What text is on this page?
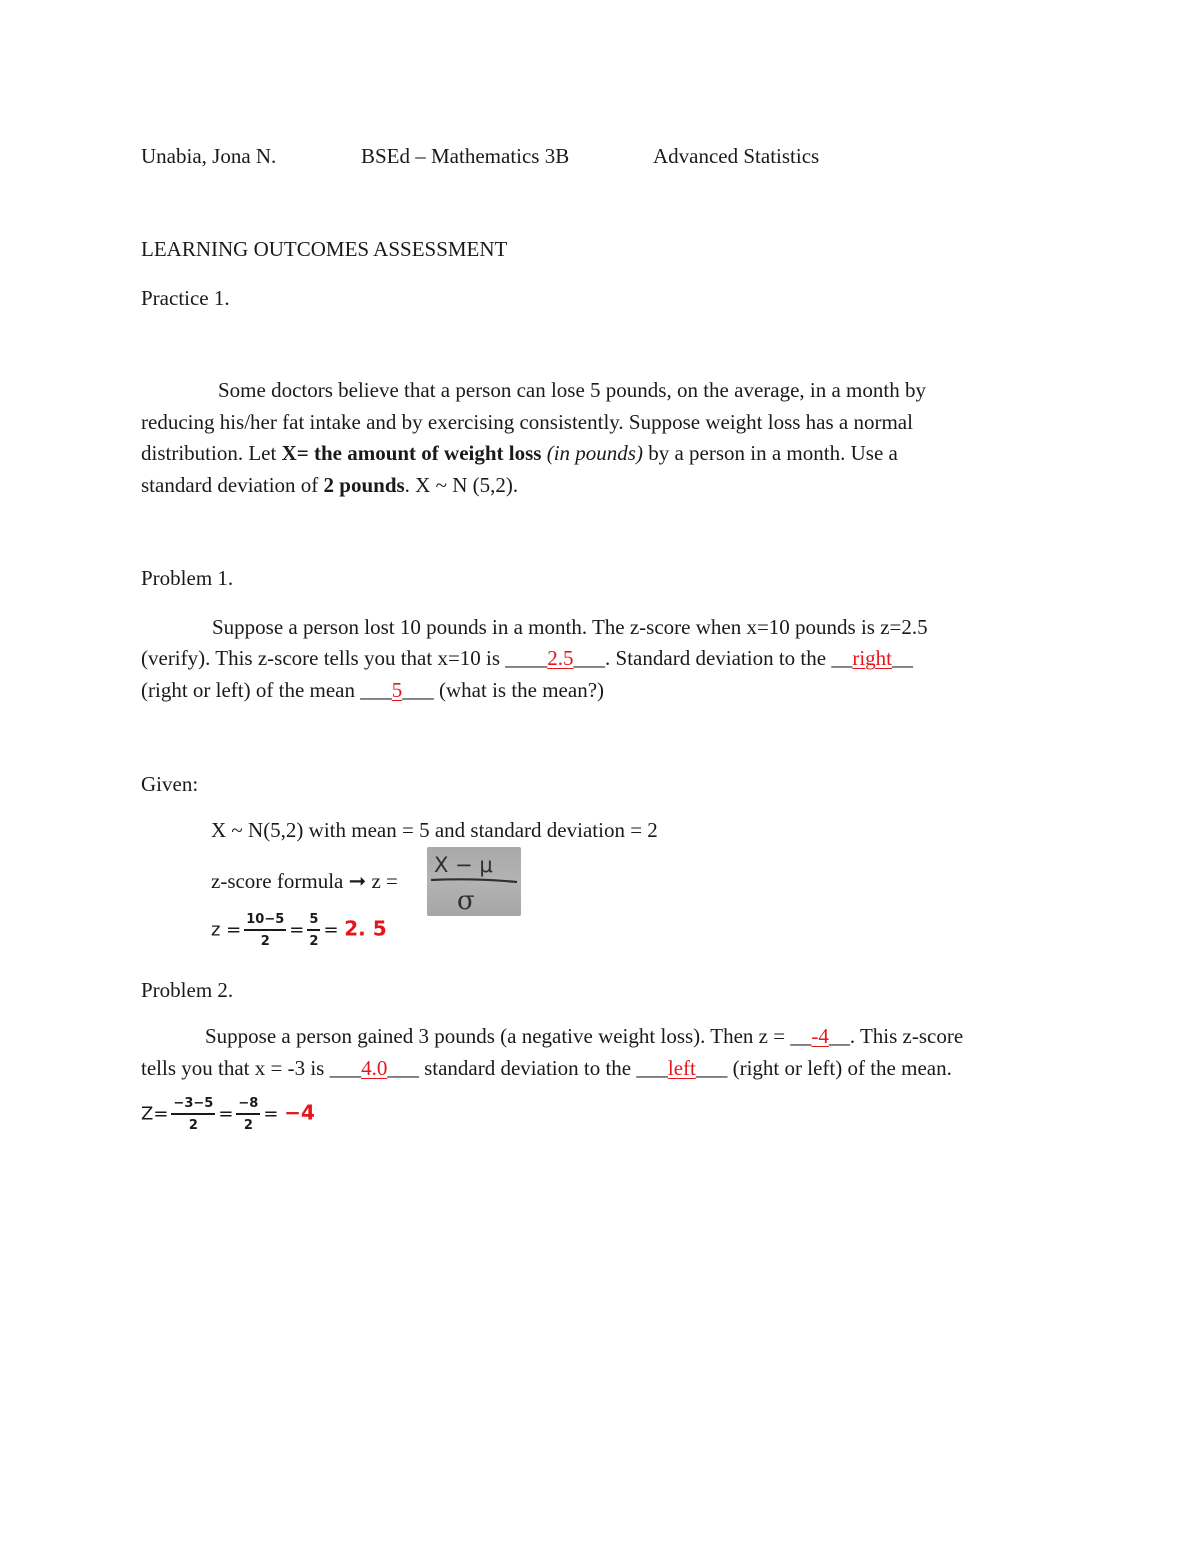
Unabia, Jona N.	BSEd – Mathematics 3B	Advanced Statistics
LEARNING OUTCOMES ASSESSMENT
Practice 1.
Some doctors believe that a person can lose 5 pounds, on the average, in a month by
reducing his/her fat intake and by exercising consistently. Suppose weight loss has a normal
distribution. Let X= the amount of weight loss (in pounds) by a person in a month. Use a
standard deviation of 2 pounds. X ~ N (5,2).
Problem 1.
Suppose a person lost 10 pounds in a month. The z-score when x=10 pounds is z=2.5
(verify). This z-score tells you that x=10 is ____2.5___. Standard deviation to the __right__
(right or left) of the mean ___5___ (what is the mean?)
Given:
X ~ N(5,2) with mean = 5 and standard deviation = 2
z-score formula ➞ z =
X − μ
σ
$z = \frac{10-5}{2} = \frac{5}{2} = 2$. 5
Problem 2.
Suppose a person gained 3 pounds (a negative weight loss). Then z = __-4__. This z-score
tells you that x = -3 is ___4.0___ standard deviation to the ___left___ (right or left) of the mean.
$Z= \frac{-3-5}{2} = \frac{-8}{2} = -4$
